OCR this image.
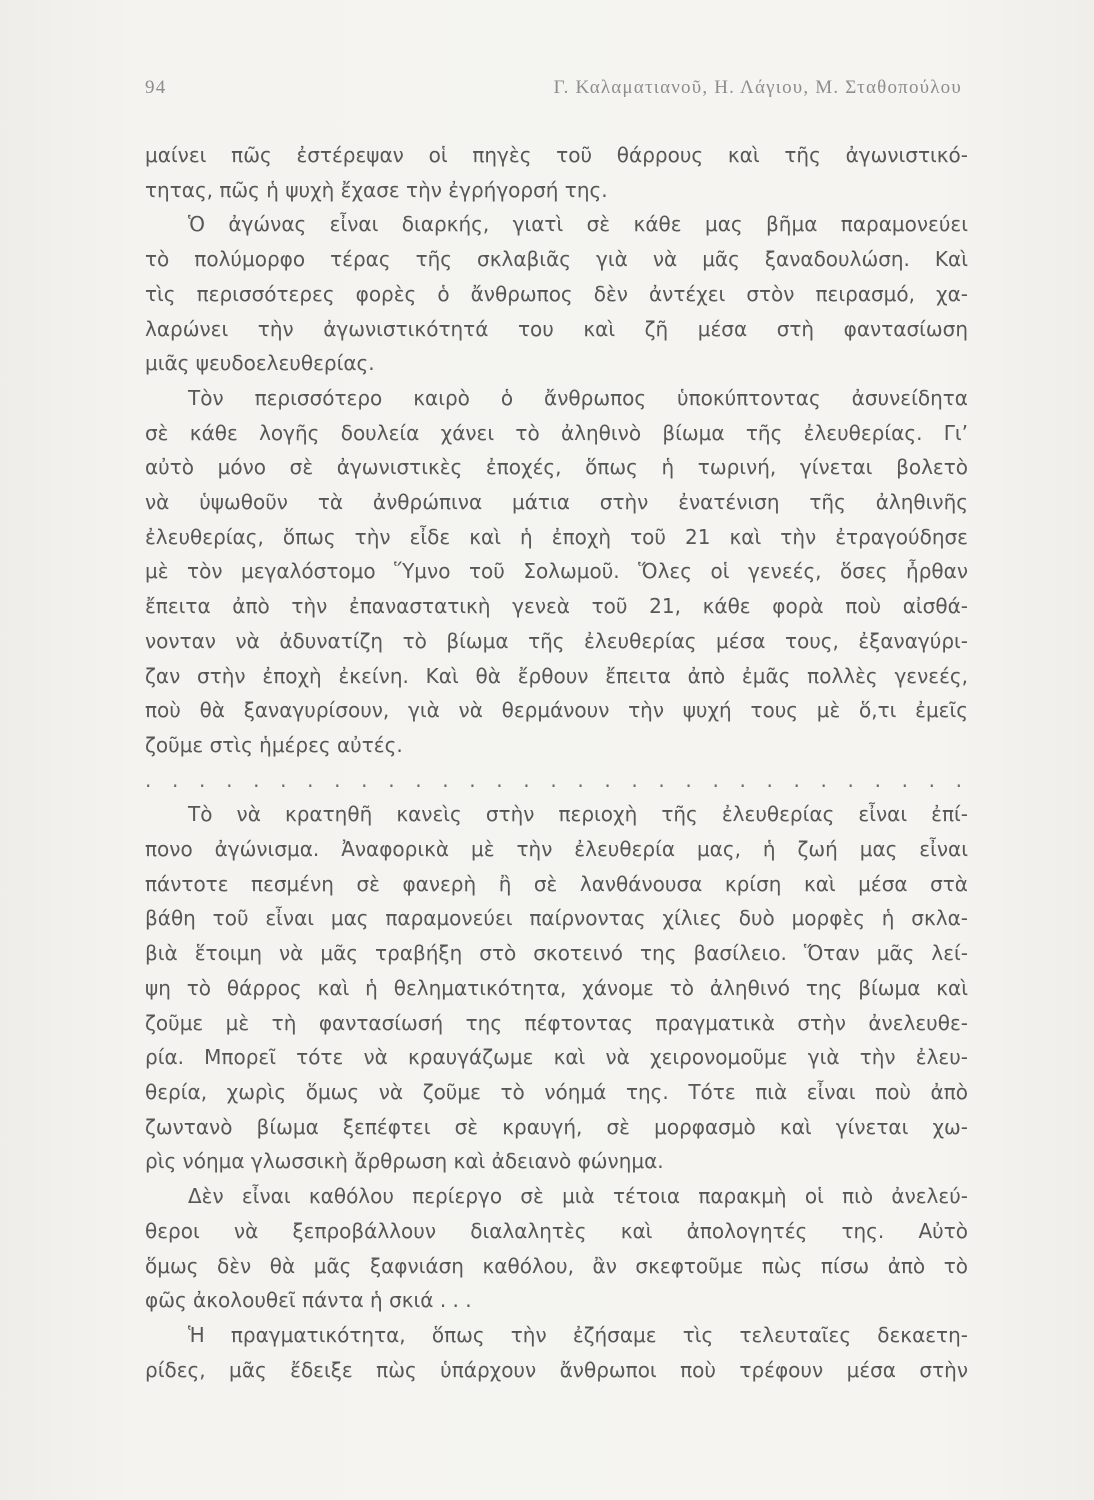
94	Γ. Καλαματιανοῦ, Η. Λάγιου, Μ. Σταθοπούλου
μαίνει πῶς ἐστέρεψαν οἱ πηγὲς τοῦ θάρρους καὶ τῆς ἀγωνιστικό-
τητας, πῶς ἡ ψυχὴ ἔχασε τὴν ἐγρήγορσή της.
Ὁ ἀγώνας εἶναι διαρκής, γιατὶ σὲ κάθε μας βῆμα παραμονεύει
τὸ πολύμορφο τέρας τῆς σκλαβιᾶς γιὰ νὰ μᾶς ξαναδουλώση. Καὶ
τὶς περισσότερες φορὲς ὁ ἄνθρωπος δὲν ἀντέχει στὸν πειρασμό, χα-
λαρώνει τὴν ἀγωνιστικότητά του καὶ ζῆ μέσα στὴ φαντασίωση
μιᾶς ψευδοελευθερίας.
Τὸν περισσότερο καιρὸ ὁ ἄνθρωπος ὑποκύπτοντας ἀσυνείδητα
σὲ κάθε λογῆς δουλεία χάνει τὸ ἀληθινὸ βίωμα τῆς ἐλευθερίας. Γι’
αὐτὸ μόνο σὲ ἀγωνιστικὲς ἐποχές, ὅπως ἡ τωρινή, γίνεται βολετὸ
νὰ ὑψωθοῦν τὰ ἀνθρώπινα μάτια στὴν ἐνατένιση τῆς ἀληθινῆς
ἐλευθερίας, ὅπως τὴν εἶδε καὶ ἡ ἐποχὴ τοῦ 21 καὶ τὴν ἐτραγούδησε
μὲ τὸν μεγαλόστομο Ὕμνο τοῦ Σολωμοῦ. Ὅλες οἱ γενεές, ὅσες ἦρθαν
ἔπειτα ἀπὸ τὴν ἐπαναστατικὴ γενεὰ τοῦ 21, κάθε φορὰ ποὺ αἰσθά-
νονταν νὰ ἀδυνατίζη τὸ βίωμα τῆς ἐλευθερίας μέσα τους, ἐξαναγύρι-
ζαν στὴν ἐποχὴ ἐκείνη. Καὶ θὰ ἔρθουν ἔπειτα ἀπὸ ἐμᾶς πολλὲς γενεές,
ποὺ θὰ ξαναγυρίσουν, γιὰ νὰ θερμάνουν τὴν ψυχή τους μὲ ὅ,τι ἐμεῖς
ζοῦμε στὶς ἡμέρες αὐτές.
. . . . . . . . . . . . . . . . . . . . . . . . . . . . . . .
Τὸ νὰ κρατηθῆ κανεὶς στὴν περιοχὴ τῆς ἐλευθερίας εἶναι ἐπί-
πονο ἀγώνισμα. Ἀναφορικὰ μὲ τὴν ἐλευθερία μας, ἡ ζωή μας εἶναι
πάντοτε πεσμένη σὲ φανερὴ ἢ σὲ λανθάνουσα κρίση καὶ μέσα στὰ
βάθη τοῦ εἶναι μας παραμονεύει παίρνοντας χίλιες δυὸ μορφὲς ἡ σκλα-
βιὰ ἕτοιμη νὰ μᾶς τραβήξη στὸ σκοτεινό της βασίλειο. Ὅταν μᾶς λεί-
ψη τὸ θάρρος καὶ ἡ θεληματικότητα, χάνομε τὸ ἀληθινό της βίωμα καὶ
ζοῦμε μὲ τὴ φαντασίωσή της πέφτοντας πραγματικὰ στὴν ἀνελευθε-
ρία. Μπορεῖ τότε νὰ κραυγάζωμε καὶ νὰ χειρονομοῦμε γιὰ τὴν ἐλευ-
θερία, χωρὶς ὅμως νὰ ζοῦμε τὸ νόημά της. Τότε πιὰ εἶναι ποὺ ἀπὸ
ζωντανὸ βίωμα ξεπέφτει σὲ κραυγή, σὲ μορφασμὸ καὶ γίνεται χω-
ρὶς νόημα γλωσσικὴ ἄρθρωση καὶ ἀδειανὸ φώνημα.
Δὲν εἶναι καθόλου περίεργο σὲ μιὰ τέτοια παρακμὴ οἱ πιὸ ἀνελεύ-
θεροι νὰ ξεπροβάλλουν διαλαλητὲς καὶ ἀπολογητές της. Αὐτὸ
ὅμως δὲν θὰ μᾶς ξαφνιάση καθόλου, ἂν σκεφτοῦμε πὼς πίσω ἀπὸ τὸ
φῶς ἀκολουθεῖ πάντα ἡ σκιά . . .
Ἡ πραγματικότητα, ὅπως τὴν ἐζήσαμε τὶς τελευταῖες δεκαετη-
ρίδες, μᾶς ἔδειξε πὼς ὑπάρχουν ἄνθρωποι ποὺ τρέφουν μέσα στὴν
